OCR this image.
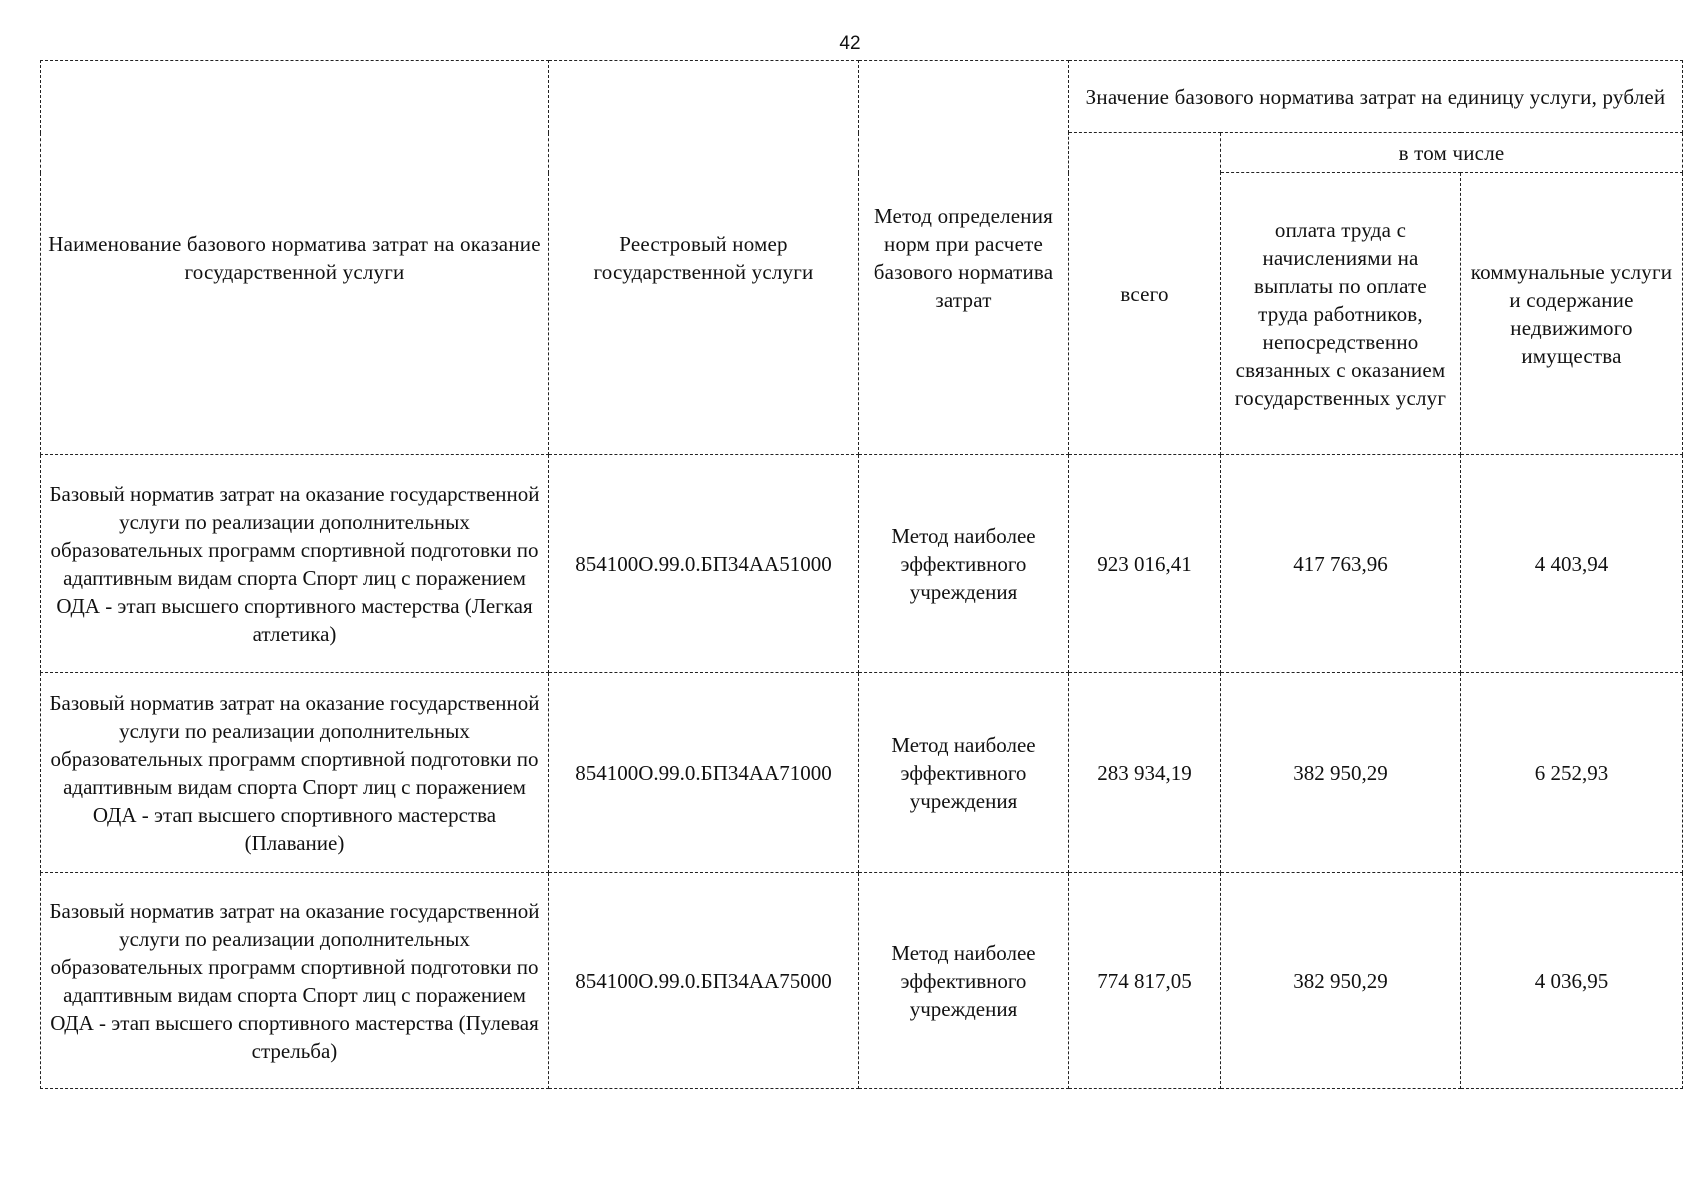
42
Наименование базового норматива затрат на оказание государственной услуги	Реестровый номер государственной услуги	Метод определения норм при расчете базового норматива затрат	Значение базового норматива затрат на единицу услуги, рублей		
			всего	в том числе	
				оплата труда с начислениями на выплаты по оплате труда работников, непосредственно связанных с оказанием государственных услуг	коммунальные услуги и содержание недвижимого имущества
Базовый норматив затрат на оказание государственной услуги по реализации дополнительных образовательных программ спортивной подготовки по адаптивным видам спорта Спорт лиц с поражением ОДА - этап высшего спортивного мастерства (Легкая атлетика)	854100О.99.0.БП34АА51000	Метод наиболее эффективного учреждения	923 016,41	417 763,96	4 403,94
Базовый норматив затрат на оказание государственной услуги по реализации дополнительных образовательных программ спортивной подготовки по адаптивным видам спорта Спорт лиц с поражением ОДА - этап высшего спортивного мастерства (Плавание)	854100О.99.0.БП34АА71000	Метод наиболее эффективного учреждения	283 934,19	382 950,29	6 252,93
Базовый норматив затрат на оказание государственной услуги по реализации дополнительных образовательных программ спортивной подготовки по адаптивным видам спорта Спорт лиц с поражением ОДА - этап высшего спортивного мастерства (Пулевая стрельба)	854100О.99.0.БП34АА75000	Метод наиболее эффективного учреждения	774 817,05	382 950,29	4 036,95
